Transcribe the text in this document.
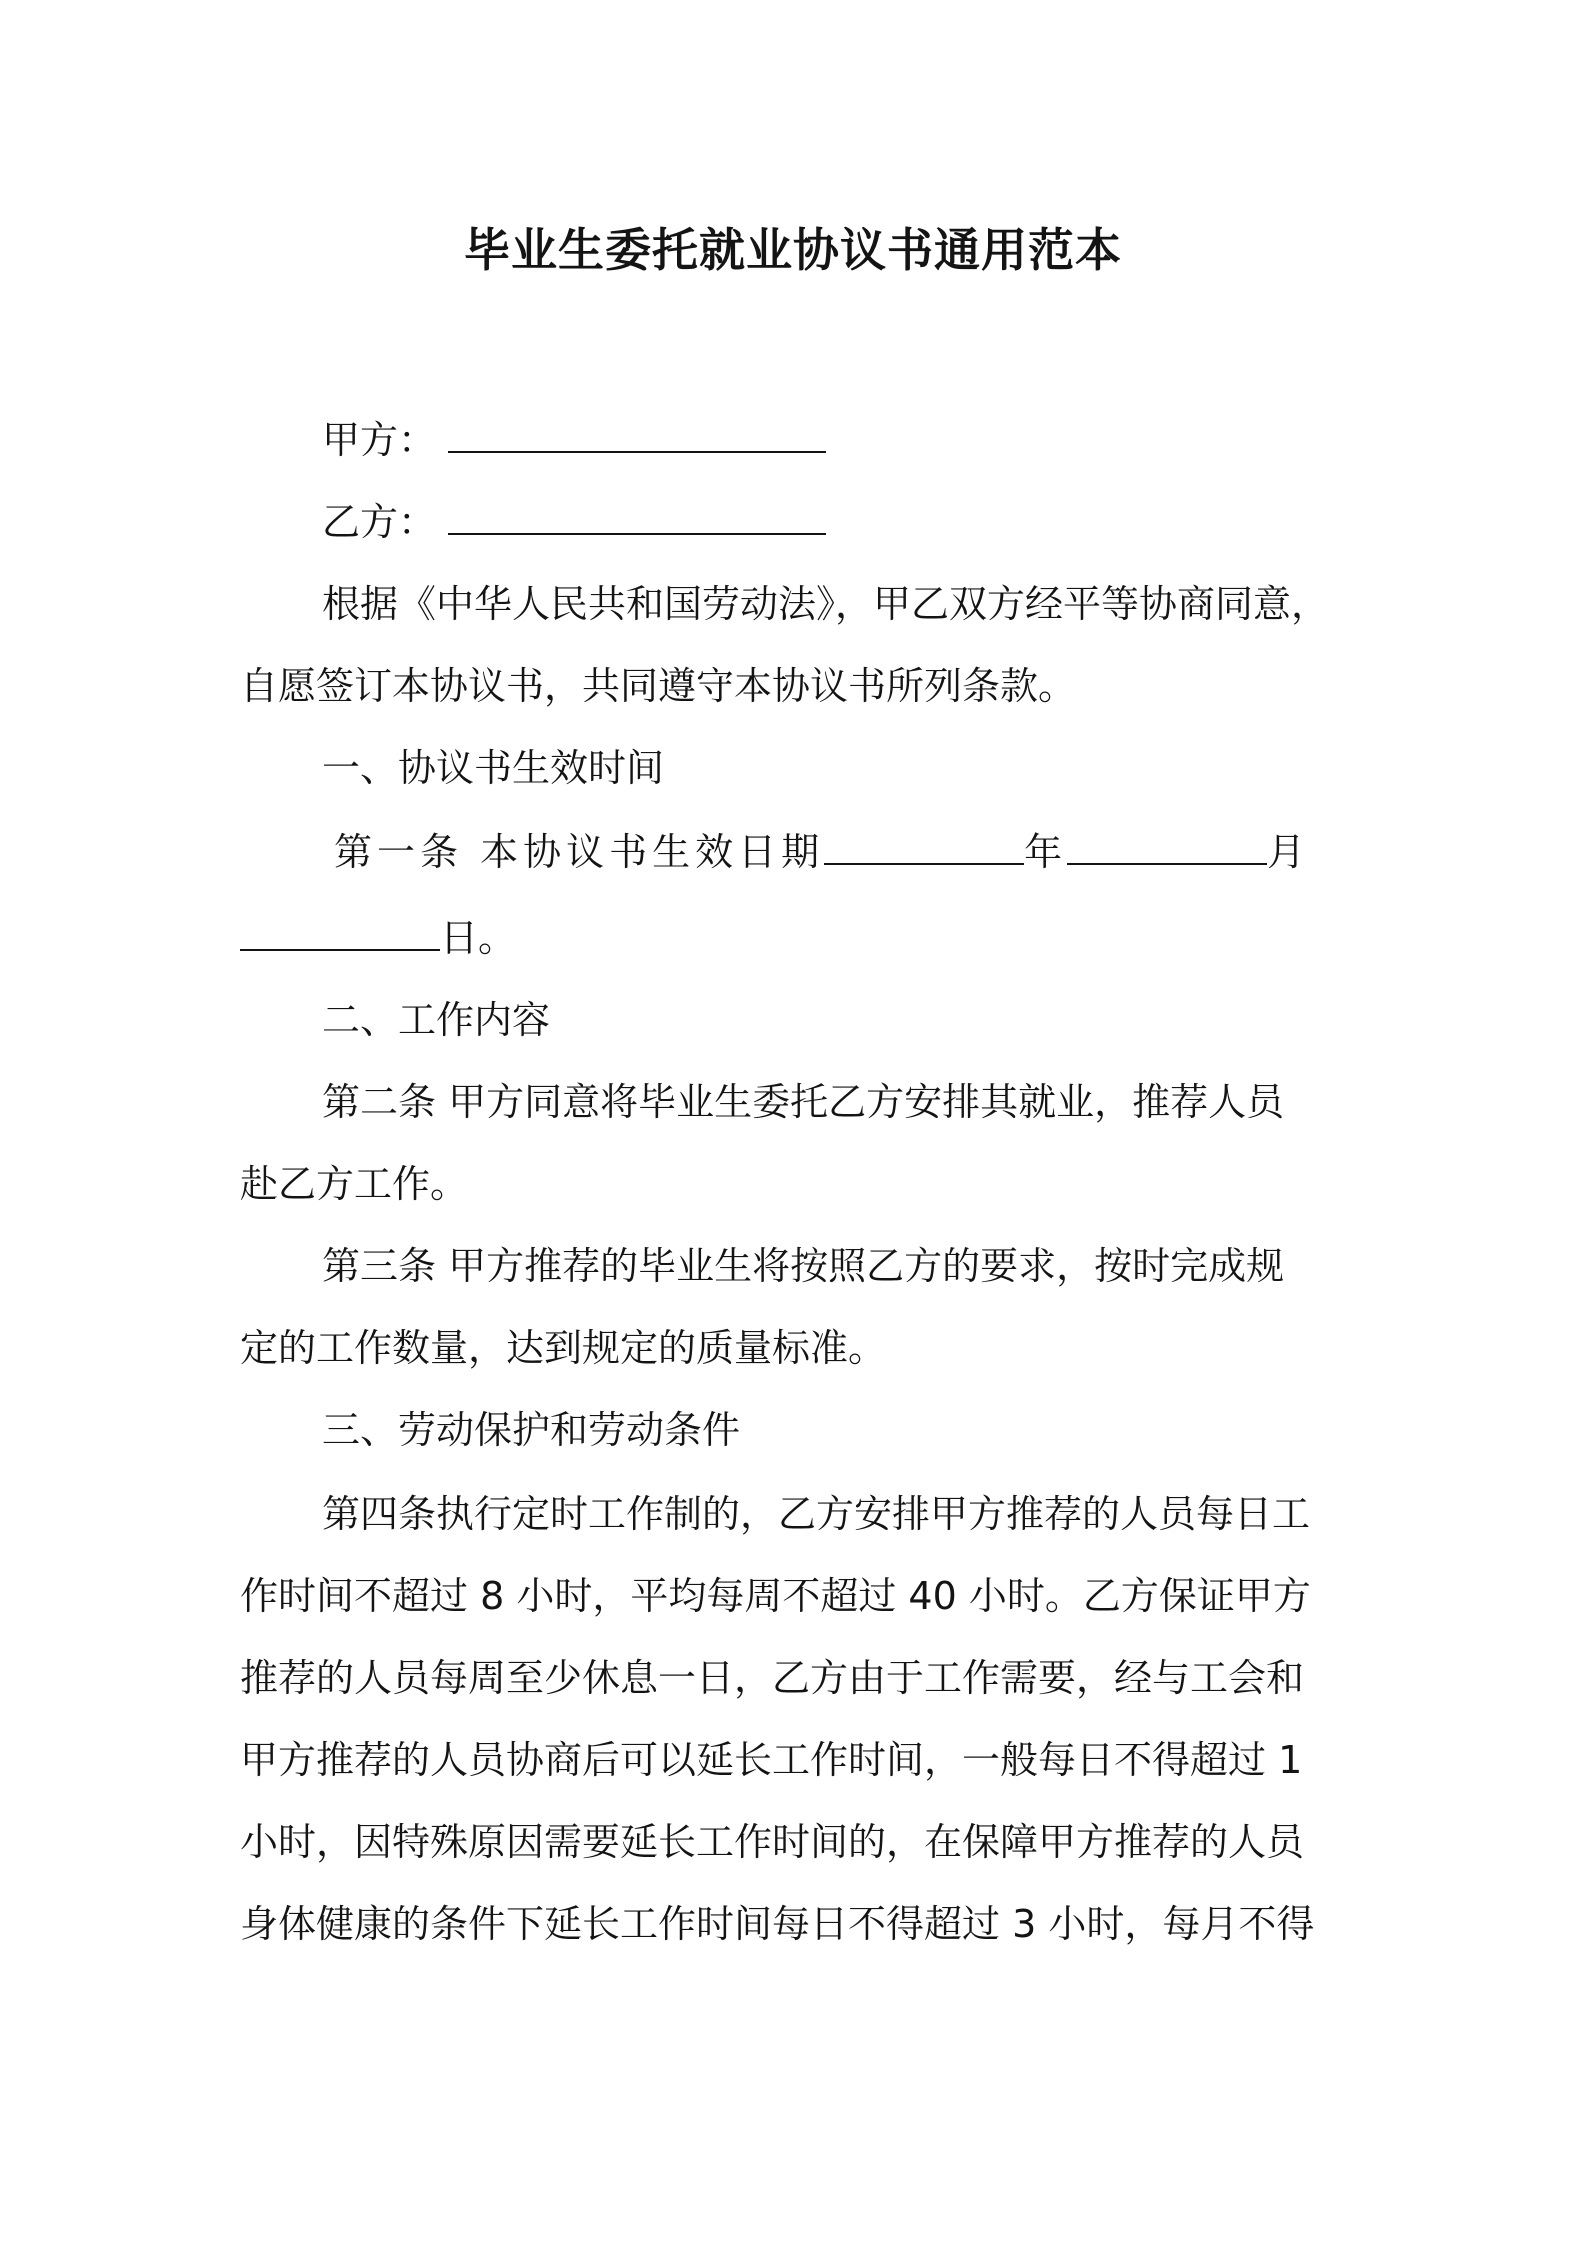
毕业生委托就业协议书通用范本
甲方：
乙方：
根据《中华人民共和国劳动法》，甲乙双方经平等协商同意，
自愿签订本协议书，共同遵守本协议书所列条款。
一、协议书生效时间
第一条 本协议书生效日期	年	月
日。
二、工作内容
第二条 甲方同意将毕业生委托乙方安排其就业，推荐人员
赴乙方工作。
第三条 甲方推荐的毕业生将按照乙方的要求，按时完成规
定的工作数量，达到规定的质量标准。
三、劳动保护和劳动条件
第四条执行定时工作制的，乙方安排甲方推荐的人员每日工
作时间不超过 8 小时，平均每周不超过 40 小时。乙方保证甲方
推荐的人员每周至少休息一日，乙方由于工作需要，经与工会和
甲方推荐的人员协商后可以延长工作时间，一般每日不得超过 1
小时，因特殊原因需要延长工作时间的，在保障甲方推荐的人员
身体健康的条件下延长工作时间每日不得超过 3 小时，每月不得
